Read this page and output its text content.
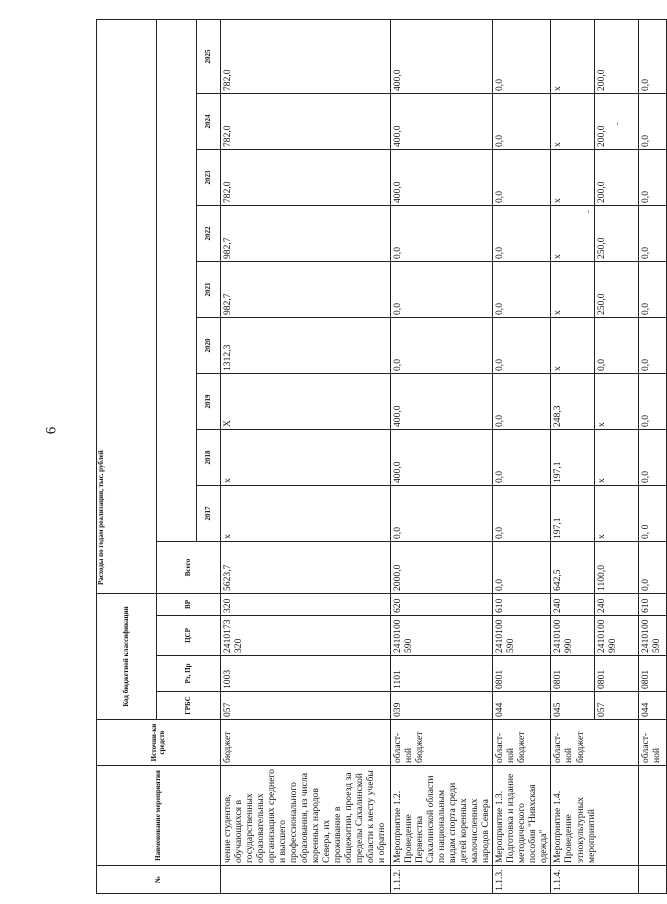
6
№	Наименование мероприятия	Источни-ки средств	Код бюджетной классификации				Расходы по годам реализации, тыс. рублей									
			ГРБС	Рз, Пр	ЦСР	ВР	Всего									
								2017	2018	2019	2020	2021	2022	2023	2024	2025
	чение студентов, обучающихся в государственных образовательных организациях среднего и высшего профессионального образования, из числа коренных народов Севера, их проживание в общежитии, проезд за пределы Сахалинской области к месту учебы и обратно	бюджет	057	1003	2410173 320	320	5623,7	x	x	X	1312,3	982,7	982,7	782,0	782,0	782,0
1.1.2.	Мероприятие 1.2. Проведение Первенства Сахалинской области по национальным видам спорта среди детей коренных малочисленных народов Севера	област-ной бюджет	039	1101	2410100 590	620	2000,0	0,0	400,0	400,0	0,0	0,0	0,0	400,0	400,0	400,0
1.1.3.	Мероприятие 1.3. Подготовка и издание методического пособия "Нивхская одежда"	област-ной бюджет	044	0801	2410100 590	610	0,0	0,0	0,0	0,0	0,0	0,0	0,0	0,0	0,0	0,0
1.1.4.	Мероприятие 1.4. Проведение этнокультурных мероприятий	област-ной бюджет	045	0801	2410100 990	240	642,5	197,1	197,1	248,3	x	x	x	x	x	x
			057	0801	2410100 990	240	1100,0	x	x	x	0,0	250,0	250,0	200,0	200,0	200,0
		област-ной	044	0801	2410100 590	610	0,0	0, 0	0,0	0,0	0,0	0,0	0,0	0,0	0,0	0,0
